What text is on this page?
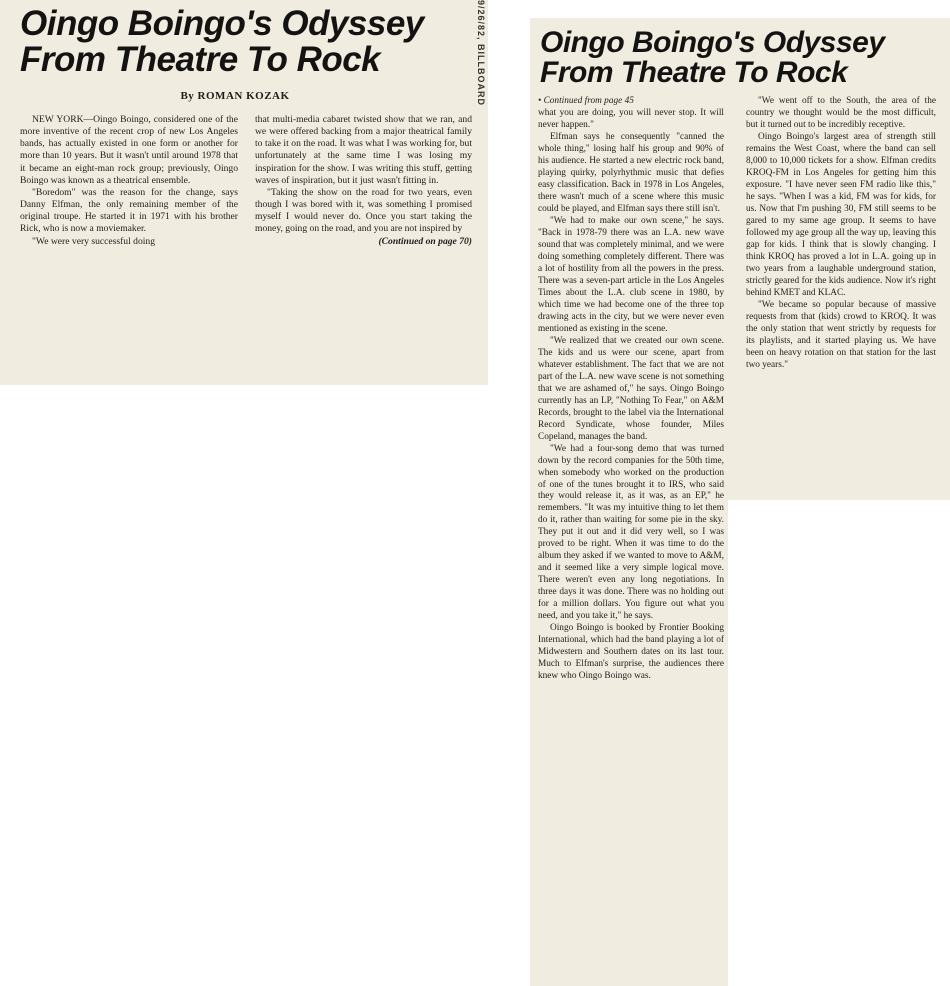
Oingo Boingo's Odyssey
From Theatre To Rock
By ROMAN KOZAK	9/26/82, BILLBOARD

NEW YORK—Oingo Boingo, considered one of the more inventive of the recent crop of new Los Angeles bands, has actually existed in one form or another for more than 10 years. But it wasn't until around 1978 that it became an eight-man rock group; previously, Oingo Boingo was known as a theatrical ensemble.

"Boredom" was the reason for the change, says Danny Elfman, the only remaining member of the original troupe. He started it in 1971 with his brother Rick, who is now a moviemaker.

"We were very successful doing

that multi-media cabaret twisted show that we ran, and we were offered backing from a major theatrical family to take it on the road. It was what I was working for, but unfortunately at the same time I was losing my inspiration for the show. I was writing this stuff, getting waves of inspiration, but it just wasn't fitting in.

"Taking the show on the road for two years, even though I was bored with it, was something I promised myself I would never do. Once you start taking the money, going on the road, and you are not inspired by

(Continued on page 70)

Oingo Boingo's Odyssey
From Theatre To Rock

• Continued from page 45

what you are doing, you will never stop. It will never happen."

Elfman says he consequently "canned the whole thing," losing half his group and 90% of his audience. He started a new electric rock band, playing quirky, polyrhythmic music that defies easy classification. Back in 1978 in Los Angeles, there wasn't much of a scene where this music could be played, and Elfman says there still isn't.

"We had to make our own scene," he says. "Back in 1978-79 there was an L.A. new wave sound that was completely minimal, and we were doing something completely different. There was a lot of hostility from all the powers in the press. There was a seven-part article in the Los Angeles Times about the L.A. club scene in 1980, by which time we had become one of the three top drawing acts in the city, but we were never even mentioned as existing in the scene.

"We realized that we created our own scene. The kids and us were our scene, apart from whatever establishment. The fact that we are not part of the L.A. new wave scene is not something that we are ashamed of," he says. Oingo Boingo currently has an LP, "Nothing To Fear," on A&M Records, brought to the label via the International Record Syndicate, whose founder, Miles Copeland, manages the band.

"We had a four-song demo that was turned down by the record companies for the 50th time, when somebody who worked on the production of one of the tunes brought it to IRS, who said they would release it, as it was, as an EP," he remembers. "It was my intuitive thing to let them do it, rather than waiting for some pie in the sky. They put it out and it did very well, so I was proved to be right. When it was time to do the album they asked if we wanted to move to A&M, and it seemed like a very simple logical move. There weren't even any long negotiations. In three days it was done. There was no holding out for a million dollars. You figure out what you need, and you take it," he says.

Oingo Boingo is booked by Frontier Booking International, which had the band playing a lot of Midwestern and Southern dates on its last tour. Much to Elfman's surprise, the audiences there knew who Oingo Boingo was.

"We went off to the South, the area of the country we thought would be the most difficult, but it turned out to be incredibly receptive.

Oingo Boingo's largest area of strength still remains the West Coast, where the band can sell 8,000 to 10,000 tickets for a show. Elfman credits KROQ-FM in Los Angeles for getting him this exposure. "I have never seen FM radio like this," he says. "When I was a kid, FM was for kids, for us. Now that I'm pushing 30, FM still seems to be gared to my same age group. It seems to have followed my age group all the way up, leaving this gap for kids. I think that is slowly changing. I think KROQ has proved a lot in L.A. going up in two years from a laughable underground station, strictly geared for the kids audience. Now it's right behind KMET and KLAC.

"We became so popular because of massive requests from that (kids) crowd to KROQ. It was the only station that went strictly by requests for its playlists, and it started playing us. We have been on heavy rotation on that station for the last two years."
